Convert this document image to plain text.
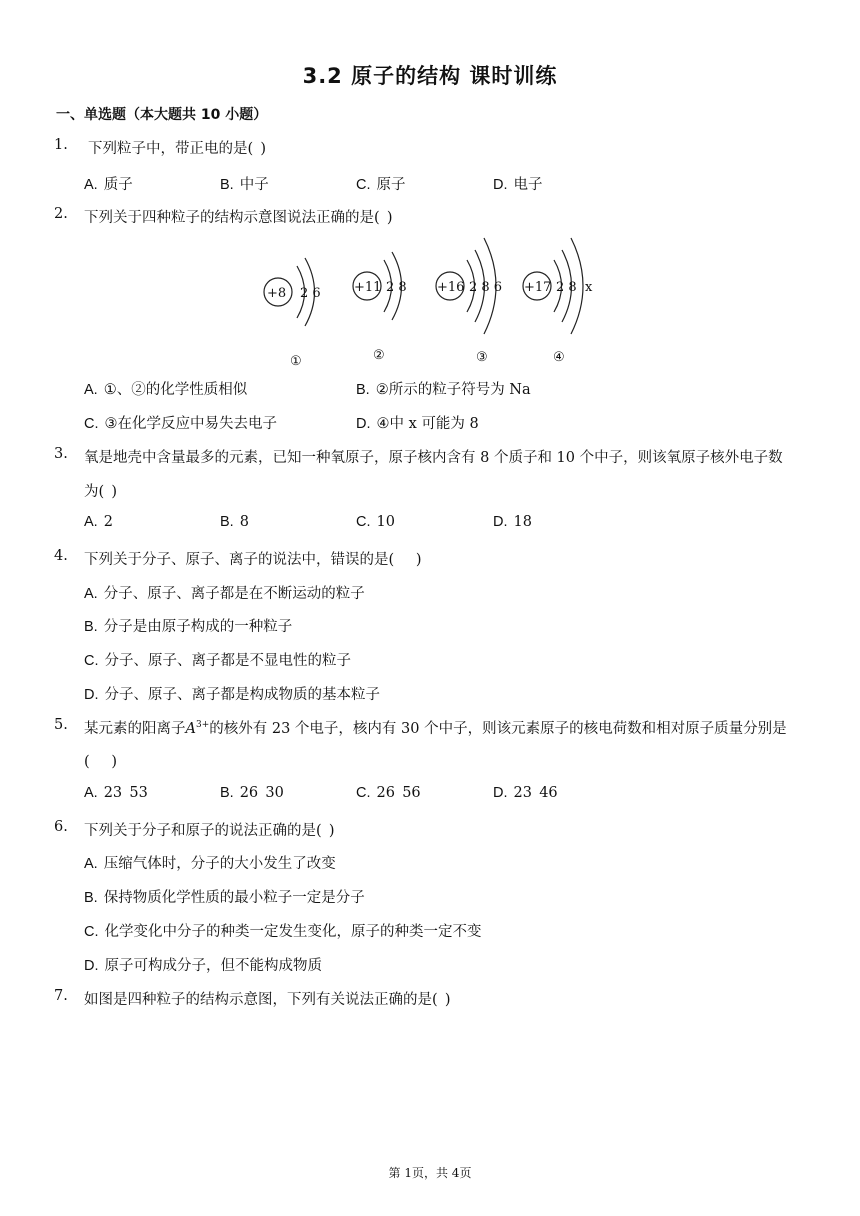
3.2 原子的结构 课时训练
一、单选题（本大题共 10 小题）
1. 下列粒子中，带正电的是( )
A. 质子	B. 中子	C. 原子	D. 电子
2. 下列关于四种粒子的结构示意图说法正确的是( )
+8 2 6	+11 2 8 +16 2 8 6 +17 2 8  x
①	②	③	④
A. ①、②的化学性质相似	B. ②所示的粒子符号为 Na
C. ③在化学反应中易失去电子	D. ④中 x 可能为 8
3. 氧是地壳中含量最多的元素，已知一种氧原子，原子核内含有 8 个质子和 10 个中子，则该氧原子核外电子数
为( )
A. 2	B. 8	C. 10	D. 18
4. 下列关于分子、原子、离子的说法中，错误的是(　 )
A. 分子、原子、离子都是在不断运动的粒子
B. 分子是由原子构成的一种粒子
C. 分子、原子、离子都是不显电性的粒子
D. 分子、原子、离子都是构成物质的基本粒子
5. 某元素的阳离子$A^{3+}$的核外有 23 个电子，核内有 30 个中子，则该元素原子的核电荷数和相对原子质量分别是
(　 )
A. 23 53	B. 26 30	C. 26 56	D. 23 46
6. 下列关于分子和原子的说法正确的是( )
A. 压缩气体时，分子的大小发生了改变
B. 保持物质化学性质的最小粒子一定是分子
C. 化学变化中分子的种类一定发生变化，原子的种类一定不变
D. 原子可构成分子，但不能构成物质
7. 如图是四种粒子的结构示意图，下列有关说法正确的是( )
第 1页，共 4页
